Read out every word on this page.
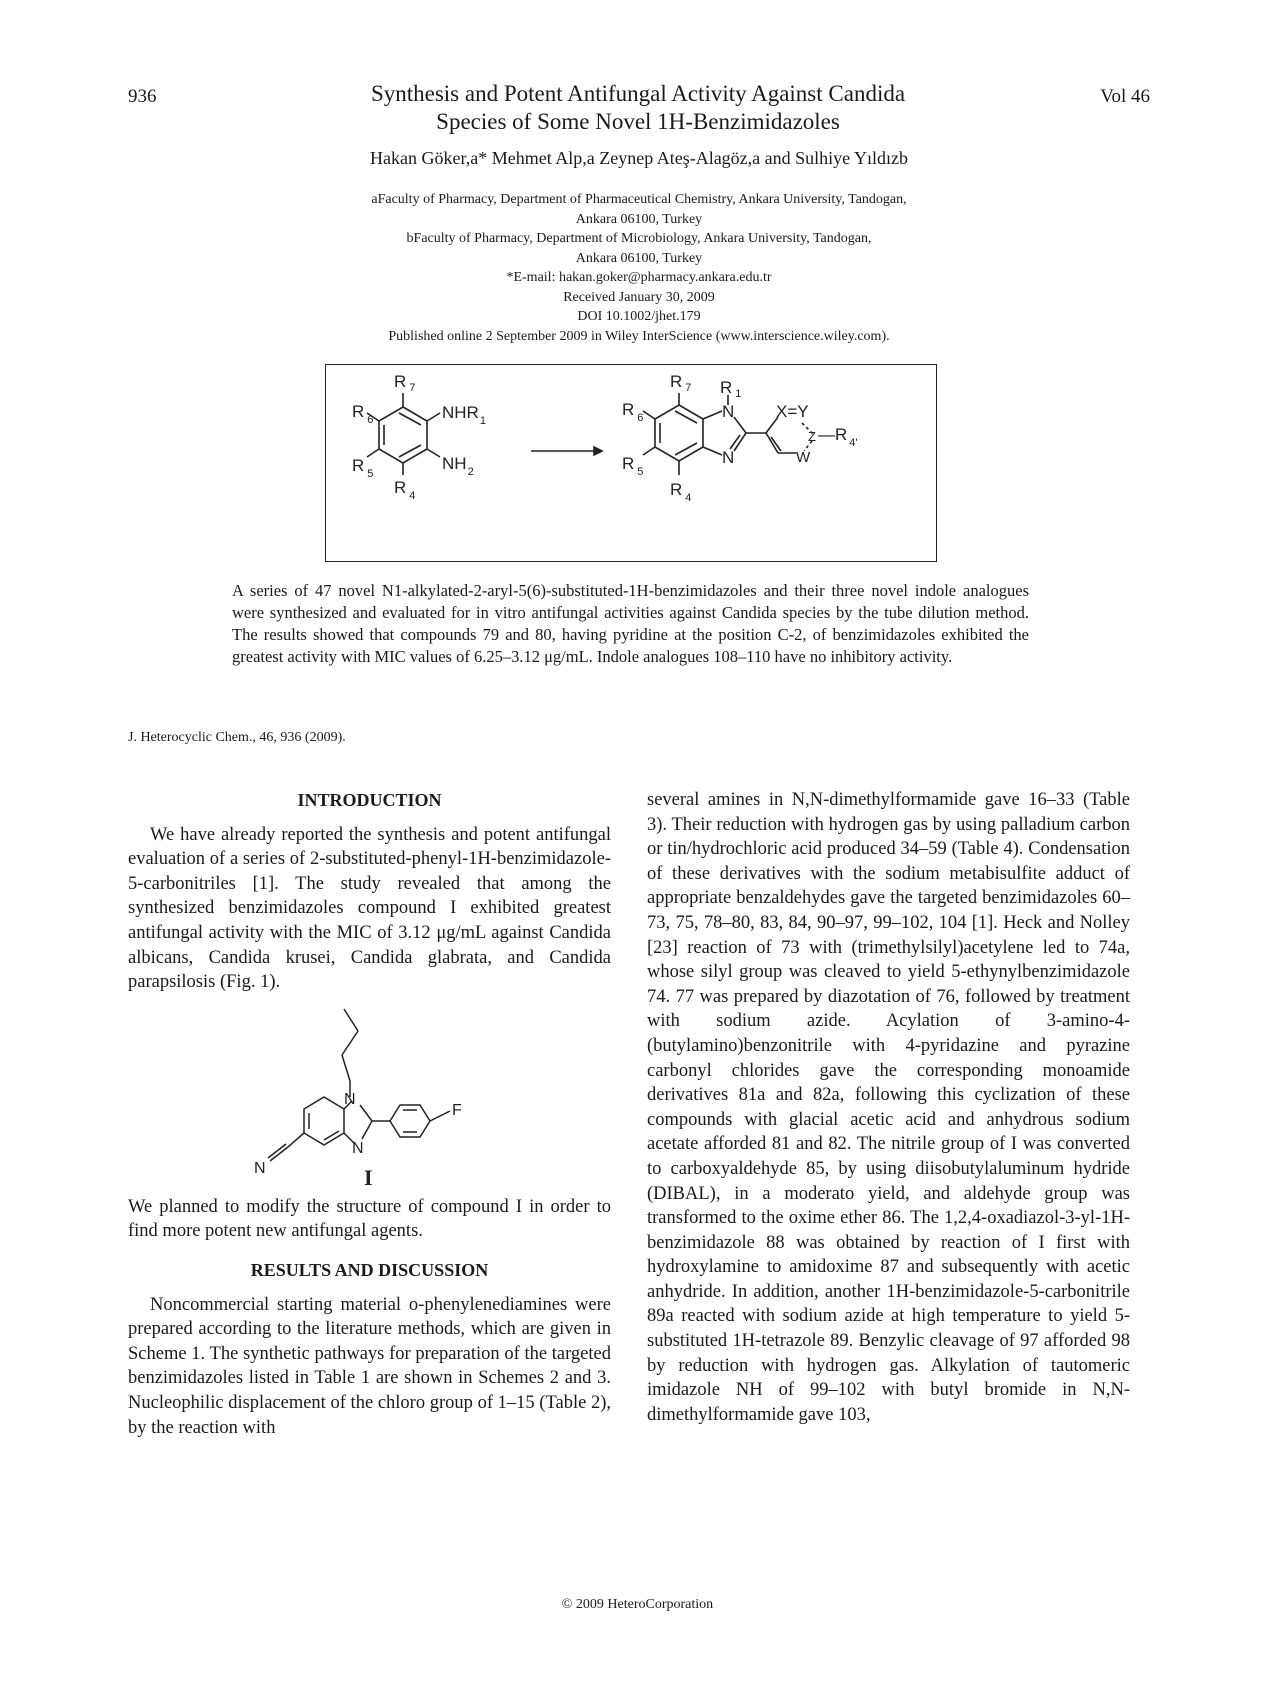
936	Synthesis and Potent Antifungal Activity Against Candida
Species of Some Novel 1H-Benzimidazoles
Vol 46
Hakan Göker,a* Mehmet Alp,a Zeynep Ateş-Alagöz,a and Sulhiye Yıldızb
aFaculty of Pharmacy, Department of Pharmaceutical Chemistry, Ankara University, Tandogan,
Ankara 06100, Turkey
bFaculty of Pharmacy, Department of Microbiology, Ankara University, Tandogan,
Ankara 06100, Turkey
*E-mail: hakan.goker@pharmacy.ankara.edu.tr
Received January 30, 2009
DOI 10.1002/jhet.179
Published online 2 September 2009 in Wiley InterScience (www.interscience.wiley.com).
R $_7$
R $_6$
R $_5$
R $_4$
$NHR_1$
$NH_2$
R $_7$ R $_1$
R $_6$
R $_5$
R $_4$
N
N
X=Y
Z —R $_{4'}$
W
A series of 47 novel N1-alkylated-2-aryl-5(6)-substituted-1H-benzimidazoles and their three novel indole analogues were synthesized and evaluated for in vitro antifungal activities against Candida species by the tube dilution method. The results showed that compounds 79 and 80, having pyridine at the position C-2, of benzimidazoles exhibited the greatest activity with MIC values of 6.25–3.12 μg/mL. Indole analogues 108–110 have no inhibitory activity.
J. Heterocyclic Chem., 46, 936 (2009).
INTRODUCTION

We have already reported the synthesis and potent antifungal evaluation of a series of 2-substituted-phenyl-1H-benzimidazole-5-carbonitriles [1]. The study revealed that among the synthesized benzimidazoles compound I exhibited greatest antifungal activity with the MIC of 3.12 μg/mL against Candida albicans, Candida krusei, Candida glabrata, and Candida parapsilosis (Fig. 1).

N
N
F
N	I

We planned to modify the structure of compound I in order to find more potent new antifungal agents.

RESULTS AND DISCUSSION

Noncommercial starting material o-phenylenediamines were prepared according to the literature methods, which are given in Scheme 1. The synthetic pathways for preparation of the targeted benzimidazoles listed in Table 1 are shown in Schemes 2 and 3. Nucleophilic displacement of the chloro group of 1–15 (Table 2), by the reaction with

several amines in N,N-dimethylformamide gave 16–33 (Table 3). Their reduction with hydrogen gas by using palladium carbon or tin/hydrochloric acid produced 34–59 (Table 4). Condensation of these derivatives with the sodium metabisulfite adduct of appropriate benzaldehydes gave the targeted benzimidazoles 60–73, 75, 78–80, 83, 84, 90–97, 99–102, 104 [1]. Heck and Nolley [23] reaction of 73 with (trimethylsilyl)acetylene led to 74a, whose silyl group was cleaved to yield 5-ethynylbenzimidazole 74. 77 was prepared by diazotation of 76, followed by treatment with sodium azide. Acylation of 3-amino-4-(butylamino)benzonitrile with 4-pyridazine and pyrazine carbonyl chlorides gave the corresponding monoamide derivatives 81a and 82a, following this cyclization of these compounds with glacial acetic acid and anhydrous sodium acetate afforded 81 and 82. The nitrile group of I was converted to carboxyaldehyde 85, by using diisobutylaluminum hydride (DIBAL), in a moderato yield, and aldehyde group was transformed to the oxime ether 86. The 1,2,4-oxadiazol-3-yl-1H-benzimidazole 88 was obtained by reaction of I first with hydroxylamine to amidoxime 87 and subsequently with acetic anhydride. In addition, another 1H-benzimidazole-5-carbonitrile 89a reacted with sodium azide at high temperature to yield 5-substituted 1H-tetrazole 89. Benzylic cleavage of 97 afforded 98 by reduction with hydrogen gas. Alkylation of tautomeric imidazole NH of 99–102 with butyl bromide in N,N-dimethylformamide gave 103,

© 2009 HeteroCorporation
